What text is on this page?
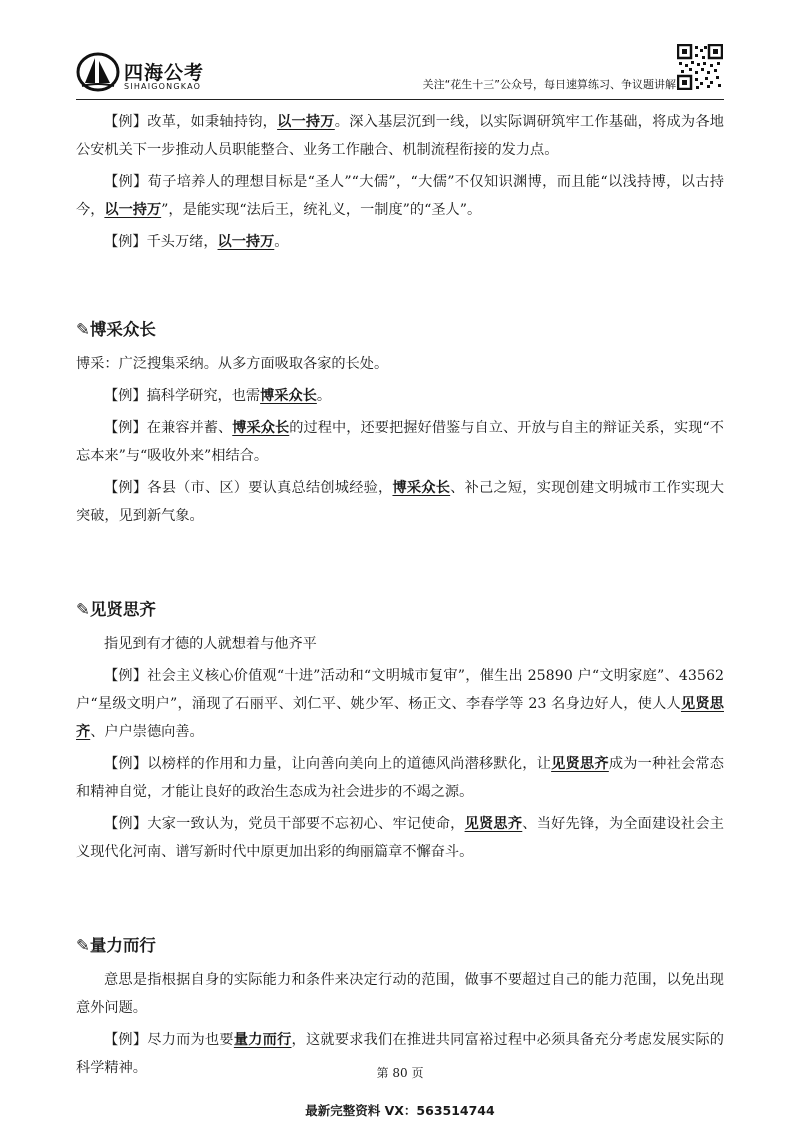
四海公考
SIHAIGONGKAO	关注“花生十三”公众号，每日速算练习、争议题讲解

【例】改革，如秉轴持钧，以一持万。深入基层沉到一线，以实际调研筑牢工作基础，将成为各地公安机关下一步推动人员职能整合、业务工作融合、机制流程衔接的发力点。

【例】荀子培养人的理想目标是“圣人”“大儒”，“大儒”不仅知识渊博，而且能“以浅持博，以古持今，以一持万”，是能实现“法后王，统礼义，一制度”的“圣人”。

【例】千头万绪，以一持万。

✎博采众长

博采：广泛搜集采纳。从多方面吸取各家的长处。

【例】搞科学研究，也需博采众长。

【例】在兼容并蓄、博采众长的过程中，还要把握好借鉴与自立、开放与自主的辩证关系，实现“不忘本来”与“吸收外来”相结合。

【例】各县（市、区）要认真总结创城经验，博采众长、补己之短，实现创建文明城市工作实现大突破，见到新气象。

✎见贤思齐

指见到有才德的人就想着与他齐平

【例】社会主义核心价值观“十进”活动和“文明城市复审”，催生出 25890 户“文明家庭”、43562 户“星级文明户”，涌现了石丽平、刘仁平、姚少军、杨正文、李春学等 23 名身边好人，使人人见贤思齐、户户崇德向善。

【例】以榜样的作用和力量，让向善向美向上的道德风尚潜移默化，让见贤思齐成为一种社会常态和精神自觉，才能让良好的政治生态成为社会进步的不竭之源。

【例】大家一致认为，党员干部要不忘初心、牢记使命，见贤思齐、当好先锋，为全面建设社会主义现代化河南、谱写新时代中原更加出彩的绚丽篇章不懈奋斗。

✎量力而行

意思是指根据自身的实际能力和条件来决定行动的范围，做事不要超过自己的能力范围，以免出现意外问题。

【例】尽力而为也要量力而行，这就要求我们在推进共同富裕过程中必须具备充分考虑发展实际的科学精神。	第 80 页
最新完整资料 VX：563514744
